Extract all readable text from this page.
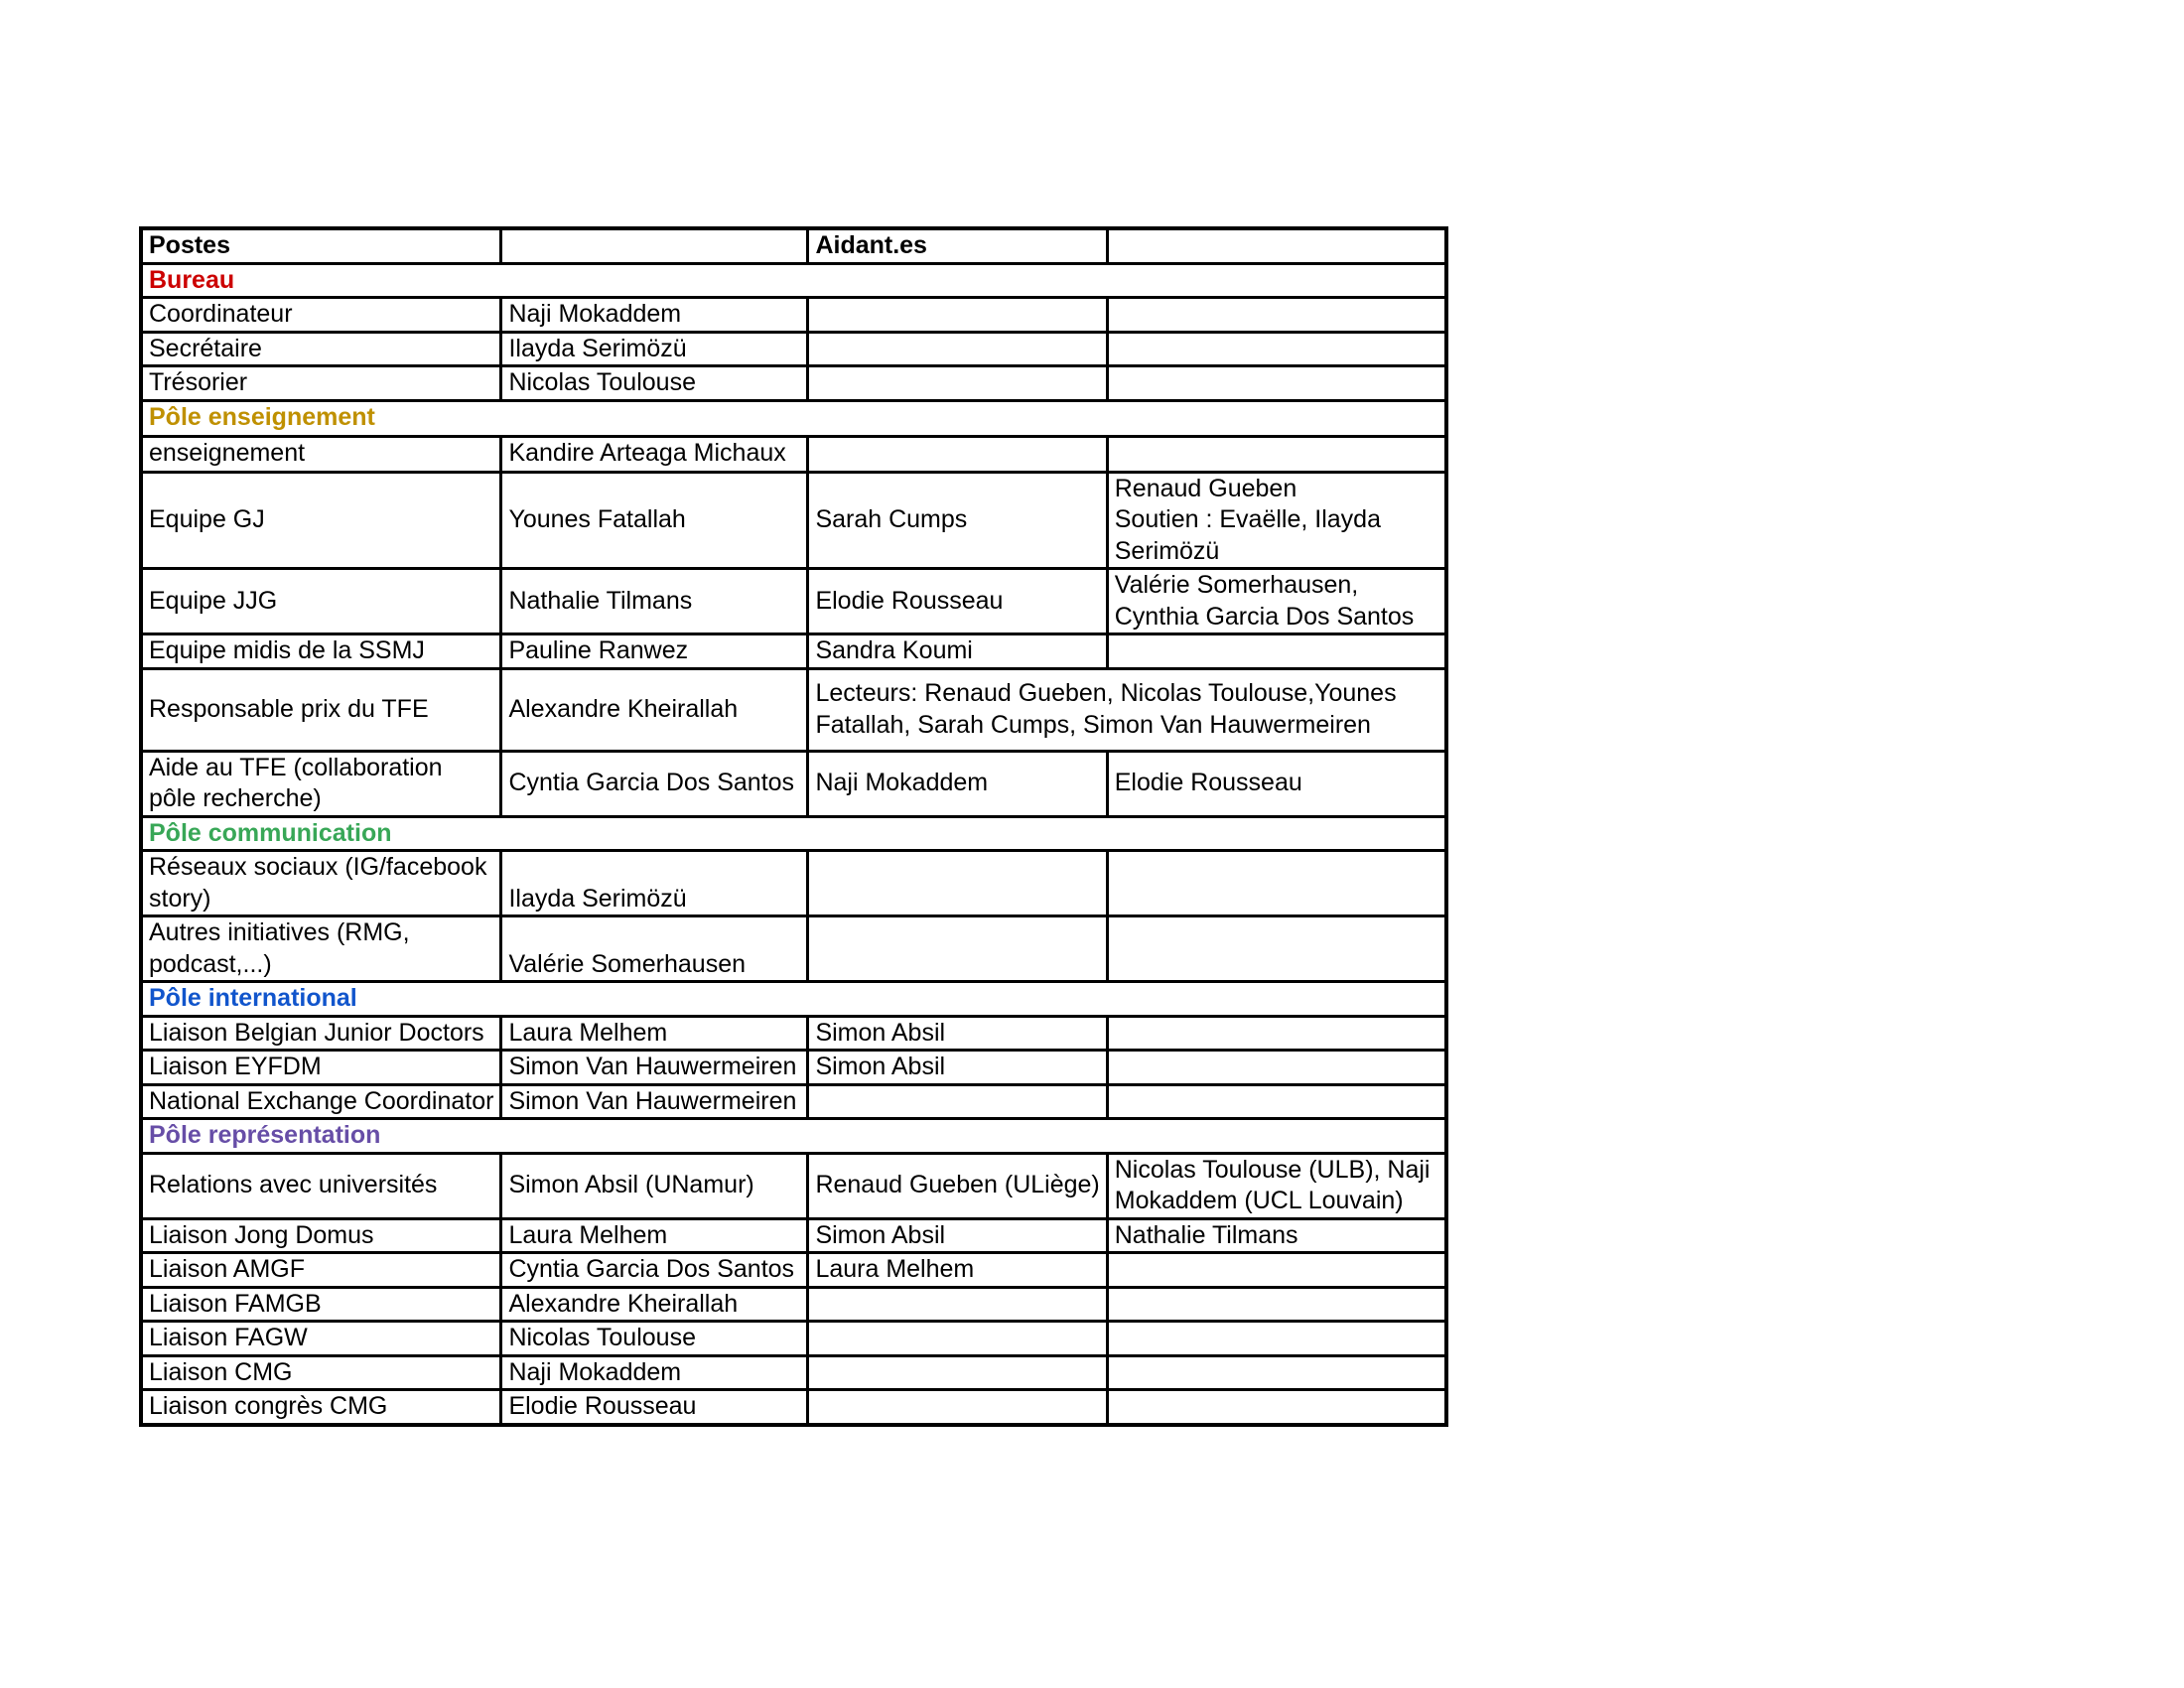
Postes		Aidant.es	
Bureau			
Coordinateur	Naji Mokaddem		
Secrétaire	Ilayda Serimözü		
Trésorier	Nicolas Toulouse		
Pôle enseignement			
enseignement	Kandire Arteaga Michaux		
Equipe GJ	Younes Fatallah	Sarah Cumps	Renaud Gueben
Soutien : Evaëlle, Ilayda Serimözü
Equipe JJG	Nathalie Tilmans	Elodie Rousseau	Valérie Somerhausen, Cynthia Garcia Dos Santos
Equipe midis de la SSMJ	Pauline Ranwez	Sandra Koumi	
Responsable prix du TFE	Alexandre Kheirallah	Lecteurs: Renaud Gueben, Nicolas Toulouse,Younes Fatallah, Sarah Cumps, Simon Van Hauwermeiren	
Aide au TFE (collaboration pôle recherche)	Cyntia Garcia Dos Santos	Naji Mokaddem	Elodie Rousseau
Pôle communication			
Réseaux sociaux (IG/facebook story)	Ilayda Serimözü		
Autres initiatives (RMG, podcast,...)	Valérie Somerhausen		
Pôle international			
Liaison Belgian Junior Doctors	Laura Melhem	Simon Absil	
Liaison EYFDM	Simon Van Hauwermeiren	Simon Absil	
National Exchange Coordinator	Simon Van Hauwermeiren		
Pôle représentation			
Relations avec universités	Simon Absil (UNamur)	Renaud Gueben (ULiège)	Nicolas Toulouse (ULB), Naji Mokaddem (UCL Louvain)
Liaison Jong Domus	Laura Melhem	Simon Absil	Nathalie Tilmans
Liaison AMGF	Cyntia Garcia Dos Santos	Laura Melhem	
Liaison FAMGB	Alexandre Kheirallah		
Liaison FAGW	Nicolas Toulouse		
Liaison CMG	Naji Mokaddem		
Liaison congrès CMG	Elodie Rousseau		
